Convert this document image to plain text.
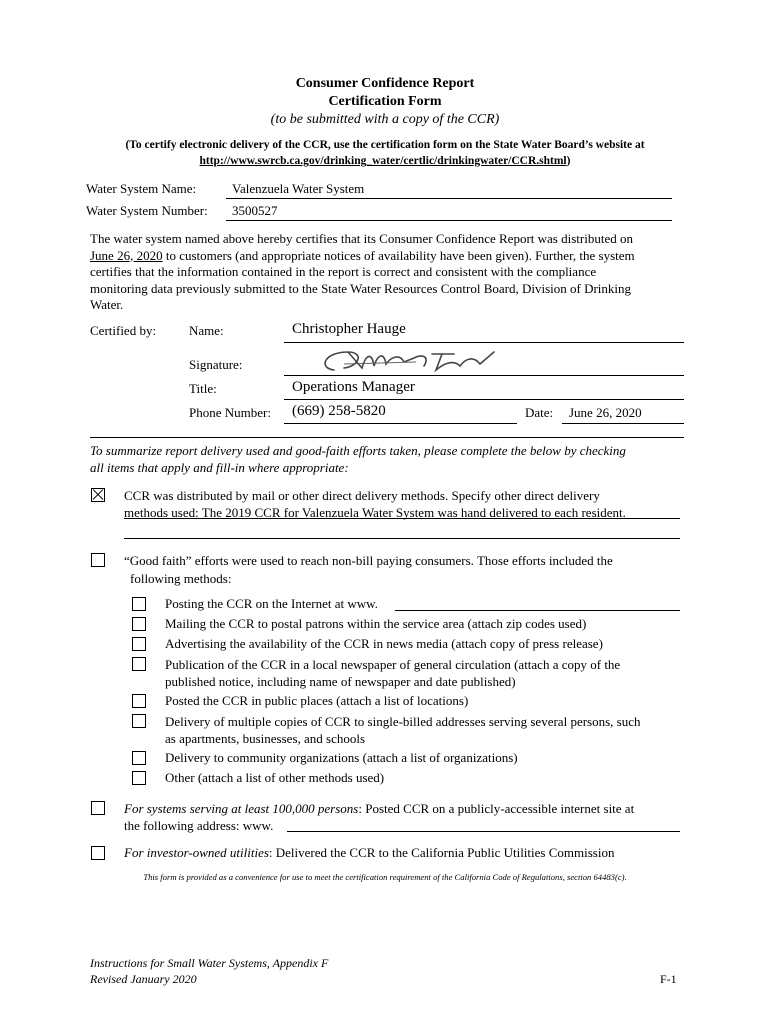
Consumer Confidence Report
Certification Form
(to be submitted with a copy of the CCR)
(To certify electronic delivery of the CCR, use the certification form on the State Water Board’s website at
http://www.swrcb.ca.gov/drinking_water/certlic/drinkingwater/CCR.shtml)
Water System Name:	Valenzuela Water System
Water System Number: 3500527
The water system named above hereby certifies that its Consumer Confidence Report was distributed on
June 26, 2020 to customers (and appropriate notices of availability have been given). Further, the system
certifies that the information contained in the report is correct and consistent with the compliance
monitoring data previously submitted to the State Water Resources Control Board, Division of Drinking
Water.
Certified by:	Name:	Christopher Hauge
Signature:
Title:	Operations Manager
Phone Number: (669) 258-5820	Date: June 26, 2020
To summarize report delivery used and good-faith efforts taken, please complete the below by checking
all items that apply and fill-in where appropriate:
CCR was distributed by mail or other direct delivery methods. Specify other direct delivery
methods used: The 2019 CCR for Valenzuela Water System was hand delivered to each resident.
“Good faith” efforts were used to reach non-bill paying consumers. Those efforts included the
following methods:
Posting the CCR on the Internet at www.
Mailing the CCR to postal patrons within the service area (attach zip codes used)
Advertising the availability of the CCR in news media (attach copy of press release)
Publication of the CCR in a local newspaper of general circulation (attach a copy of the
published notice, including name of newspaper and date published)
Posted the CCR in public places (attach a list of locations)
Delivery of multiple copies of CCR to single-billed addresses serving several persons, such
as apartments, businesses, and schools
Delivery to community organizations (attach a list of organizations)
Other (attach a list of other methods used)
For systems serving at least 100,000 persons: Posted CCR on a publicly-accessible internet site at
the following address: www.
For investor-owned utilities: Delivered the CCR to the California Public Utilities Commission
This form is provided as a convenience for use to meet the certification requirement of the California Code of Regulations, section 64483(c).
Instructions for Small Water Systems, Appendix F
Revised January 2020	F-1
